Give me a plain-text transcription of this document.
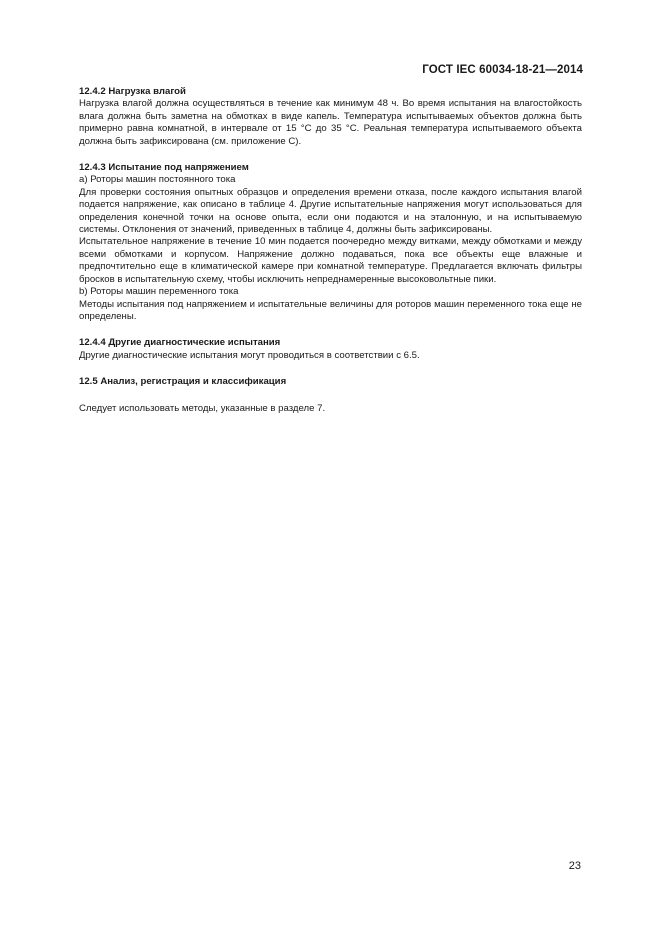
ГОСТ IEC 60034-18-21—2014

12.4.2 Нагрузка влагой

Нагрузка влагой должна осуществляться в течение как минимум 48 ч. Во время испытания на влагостойкость влага должна быть заметна на обмотках в виде капель. Температура испытываемых объектов должна быть примерно равна комнатной, в интервале от 15 °С до 35 °С. Реальная температура испытываемого объекта должна быть зафиксирована (см. приложение С).

12.4.3 Испытание под напряжением

а) Роторы машин постоянного тока

Для проверки состояния опытных образцов и определения времени отказа, после каждого испытания влагой подается напряжение, как описано в таблице 4. Другие испытательные напряжения могут использоваться для определения конечной точки на основе опыта, если они подаются и на эталонную, и на испытываемую системы. Отклонения от значений, приведенных в таблице 4, должны быть зафиксированы.

Испытательное напряжение в течение 10 мин подается поочередно между витками, между обмотками и между всеми обмотками и корпусом. Напряжение должно подаваться, пока все объекты еще влажные и предпочтительно еще в климатической камере при комнатной температуре. Предлагается включать фильтры бросков в испытательную схему, чтобы исключить непреднамеренные высоковольтные пики.

b) Роторы машин переменного тока

Методы испытания под напряжением и испытательные величины для роторов машин переменного тока еще не определены.

12.4.4 Другие диагностические испытания

Другие диагностические испытания могут проводиться в соответствии с 6.5.

12.5 Анализ, регистрация и классификация

Следует использовать методы, указанные в разделе 7.

23
